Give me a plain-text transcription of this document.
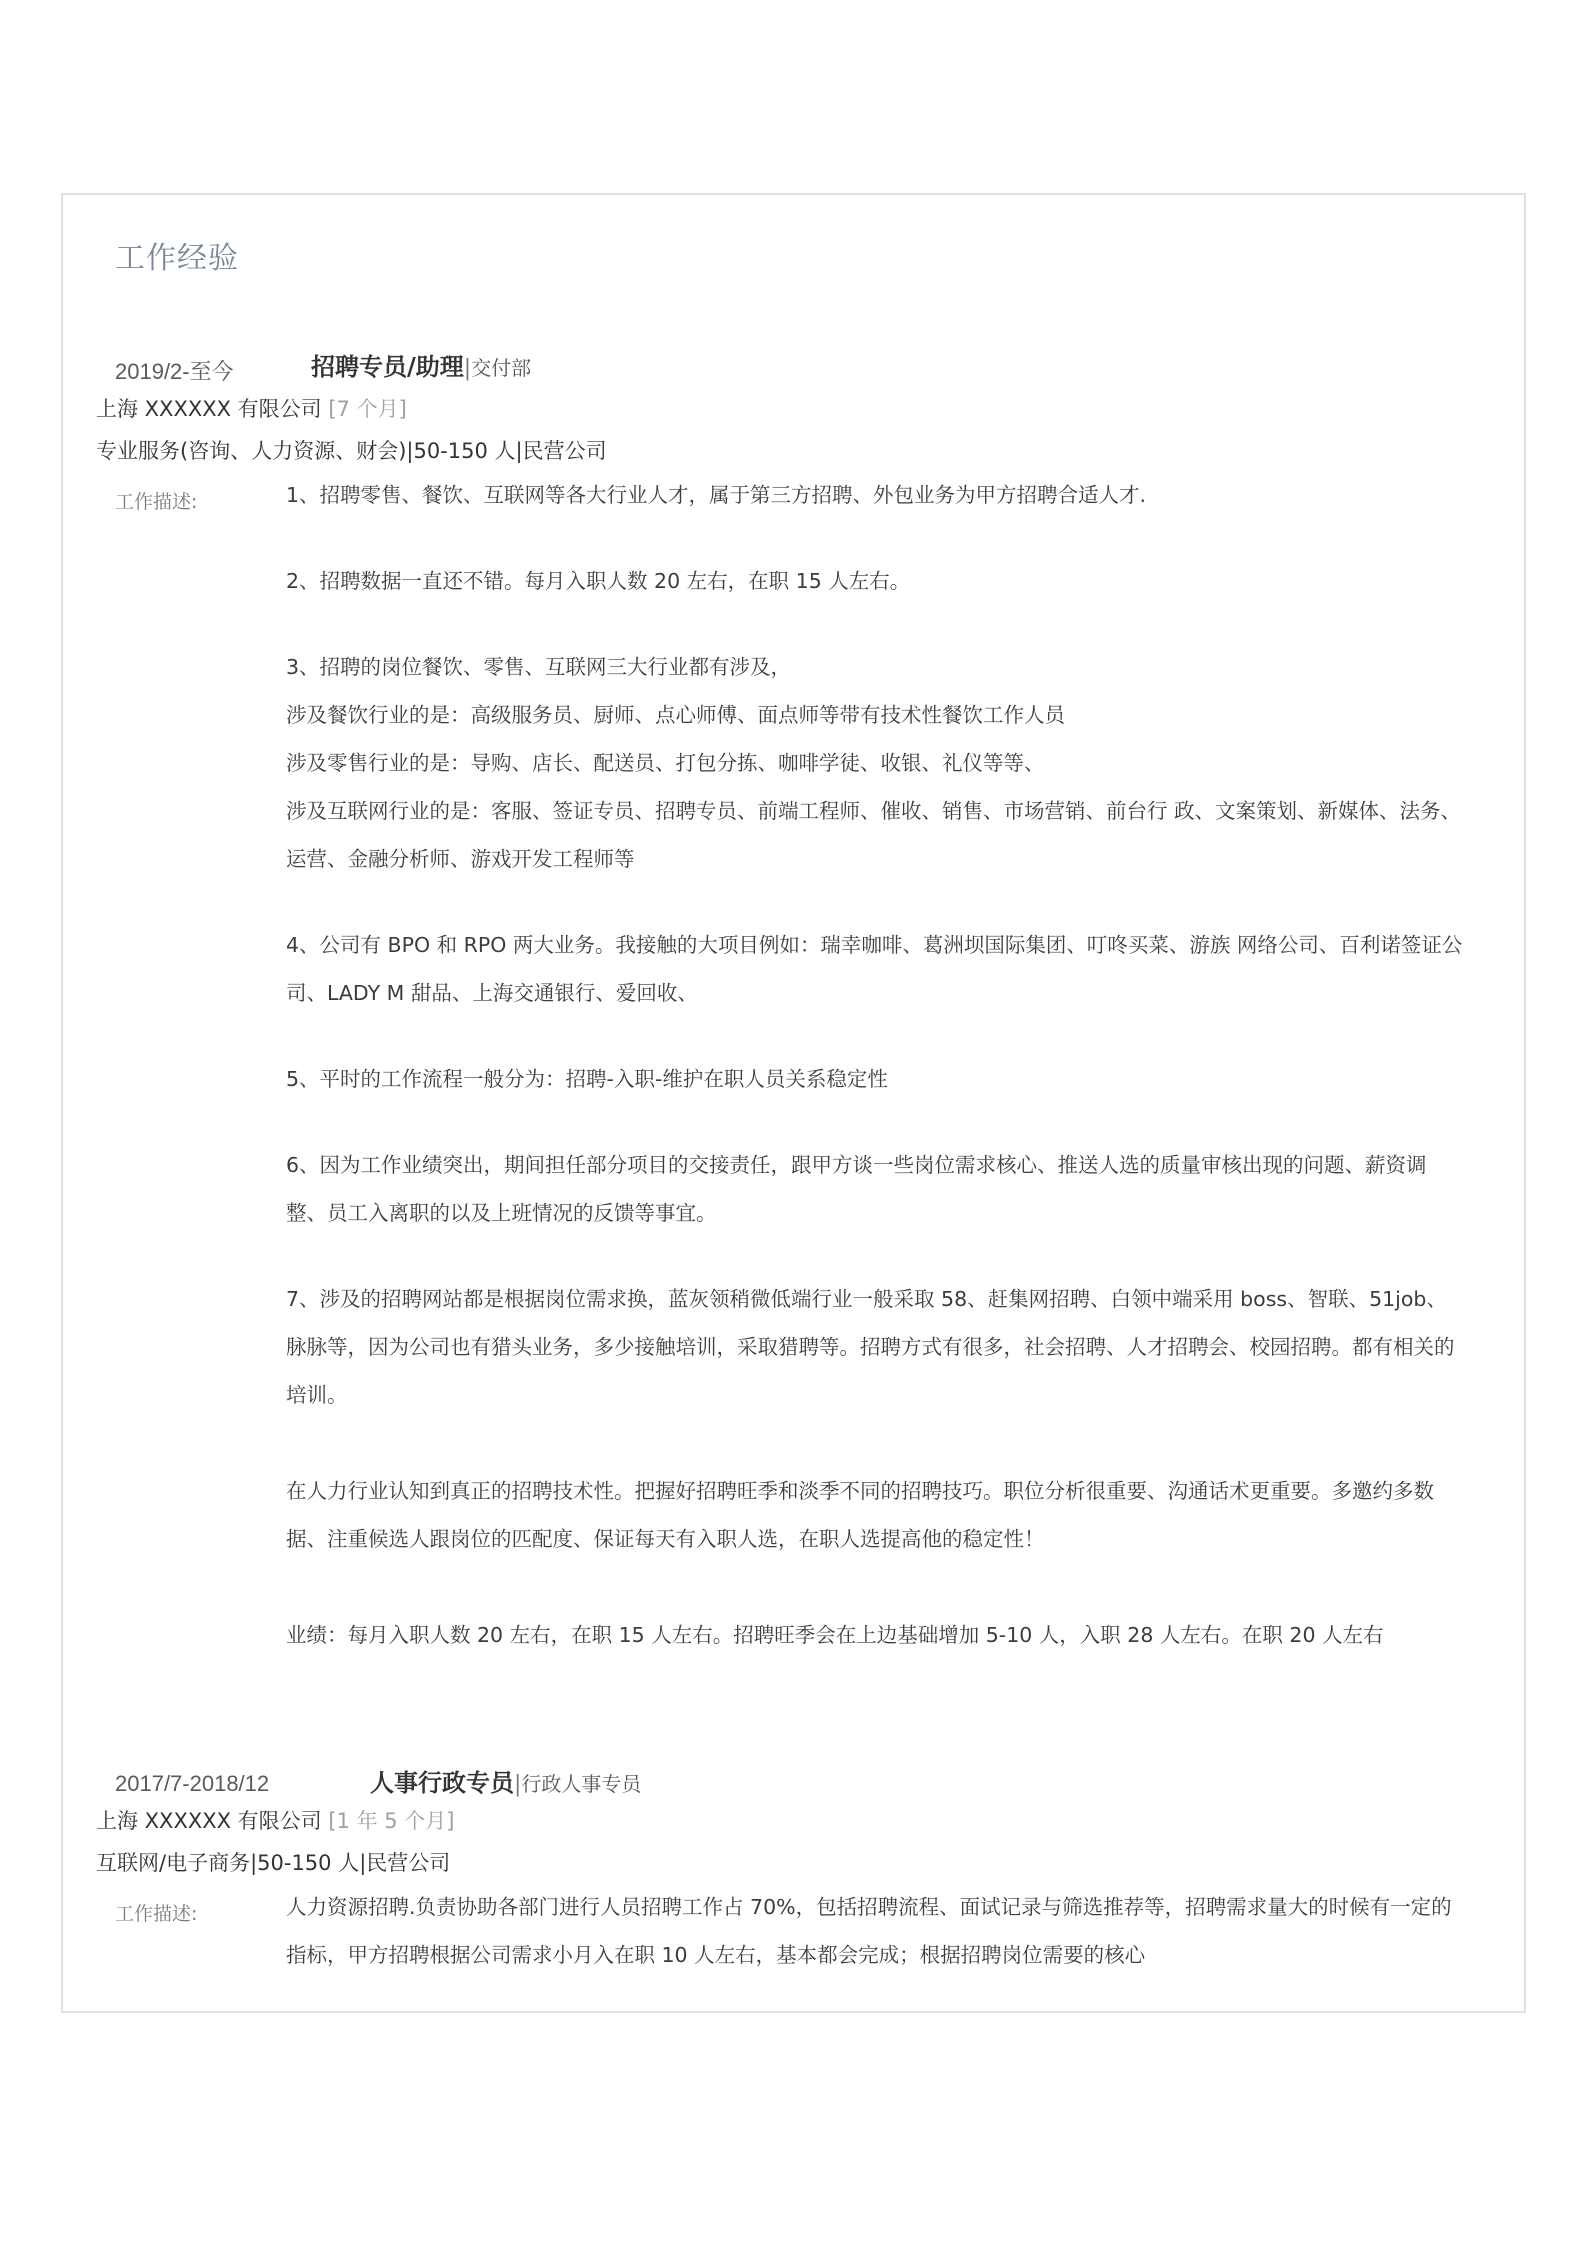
工作经验
2019/2-至今	招聘专员/助理|交付部
上海 XXXXXX 有限公司 [7 个月]
专业服务(咨询、人力资源、财会)|50-150 人|民营公司
工作描述:	1、招聘零售、餐饮、互联网等各大行业人才，属于第三方招聘、外包业务为甲方招聘合适人才.

2、招聘数据一直还不错。每月入职人数 20 左右，在职 15 人左右。

3、招聘的岗位餐饮、零售、互联网三大行业都有涉及，

涉及餐饮行业的是：高级服务员、厨师、点心师傅、面点师等带有技术性餐饮工作人员

涉及零售行业的是：导购、店长、配送员、打包分拣、咖啡学徒、收银、礼仪等等、

涉及互联网行业的是：客服、签证专员、招聘专员、前端工程师、催收、销售、市场营销、前台行 政、文案策划、新媒体、法务、运营、金融分析师、游戏开发工程师等

4、公司有 BPO 和 RPO 两大业务。我接触的大项目例如：瑞幸咖啡、葛洲坝国际集团、叮咚买菜、游族 网络公司、百利诺签证公司、LADY M 甜品、上海交通银行、爱回收、

5、平时的工作流程一般分为：招聘-入职-维护在职人员关系稳定性

6、因为工作业绩突出，期间担任部分项目的交接责任，跟甲方谈一些岗位需求核心、推送人选的质量审核出现的问题、薪资调整、员工入离职的以及上班情况的反馈等事宜。

7、涉及的招聘网站都是根据岗位需求换，蓝灰领稍微低端行业一般采取 58、赶集网招聘、白领中端采用 boss、智联、51job、脉脉等，因为公司也有猎头业务，多少接触培训，采取猎聘等。招聘方式有很多，社会招聘、人才招聘会、校园招聘。都有相关的培训。

在人力行业认知到真正的招聘技术性。把握好招聘旺季和淡季不同的招聘技巧。职位分析很重要、沟通话术更重要。多邀约多数据、注重候选人跟岗位的匹配度、保证每天有入职人选，在职人选提高他的稳定性！

业绩：每月入职人数 20 左右，在职 15 人左右。招聘旺季会在上边基础增加 5-10 人，入职 28 人左右。在职 20 人左右

2017/7-2018/12	人事行政专员|行政人事专员
上海 XXXXXX 有限公司 [1 年 5 个月]
互联网/电子商务|50-150 人|民营公司
工作描述:	人力资源招聘.负责协助各部门进行人员招聘工作占 70%，包括招聘流程、面试记录与筛选推荐等，招聘需求量大的时候有一定的指标，甲方招聘根据公司需求小月入在职 10 人左右，基本都会完成；根据招聘岗位需要的核心
